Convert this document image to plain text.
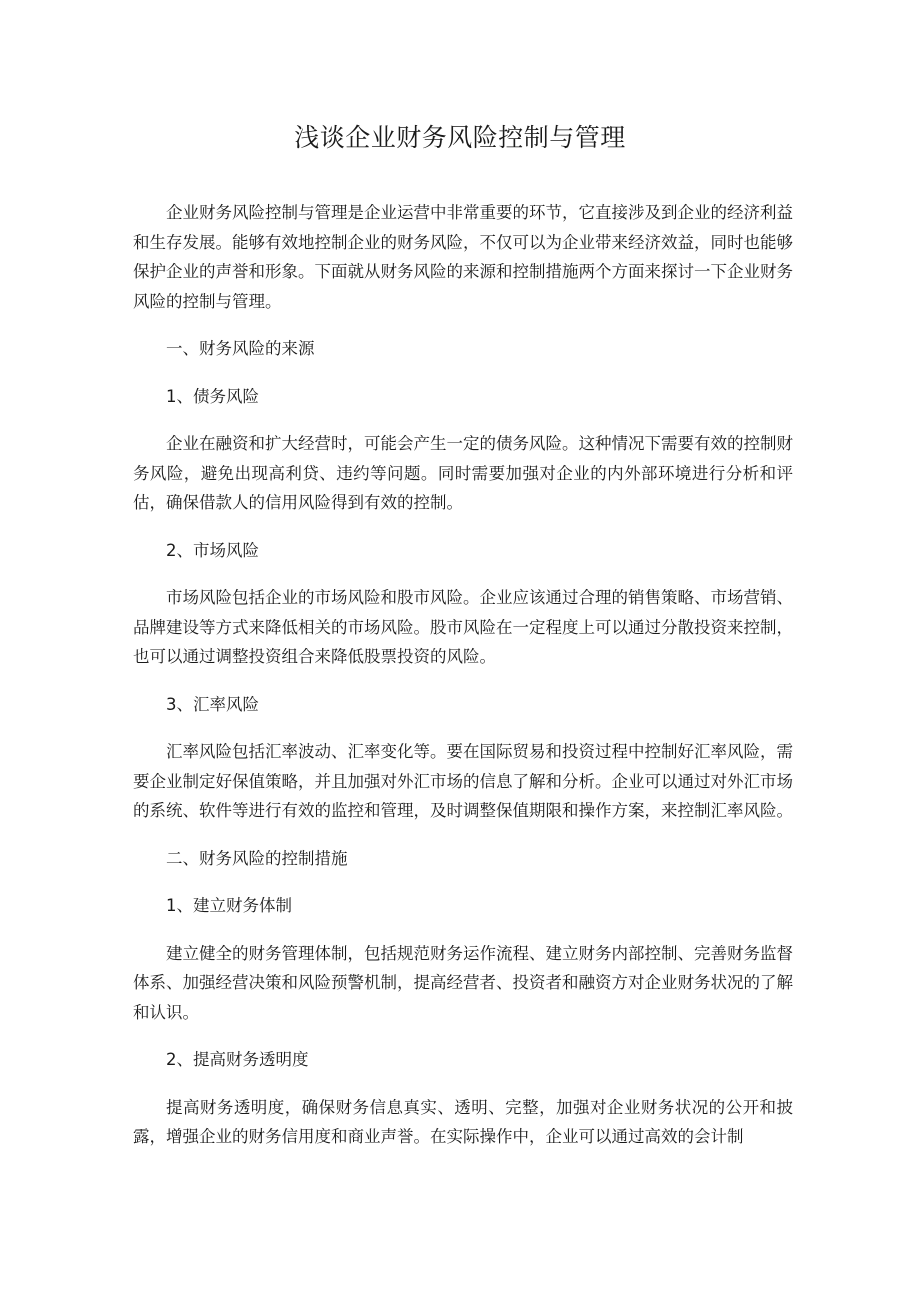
浅谈企业财务风险控制与管理

企业财务风险控制与管理是企业运营中非常重要的环节，它直接涉及到企业的经济利益和生存发展。能够有效地控制企业的财务风险，不仅可以为企业带来经济效益，同时也能够保护企业的声誉和形象。下面就从财务风险的来源和控制措施两个方面来探讨一下企业财务风险的控制与管理。

一、财务风险的来源

1、债务风险

企业在融资和扩大经营时，可能会产生一定的债务风险。这种情况下需要有效的控制财务风险，避免出现高利贷、违约等问题。同时需要加强对企业的内外部环境进行分析和评估，确保借款人的信用风险得到有效的控制。

2、市场风险

市场风险包括企业的市场风险和股市风险。企业应该通过合理的销售策略、市场营销、品牌建设等方式来降低相关的市场风险。股市风险在一定程度上可以通过分散投资来控制，也可以通过调整投资组合来降低股票投资的风险。

3、汇率风险

汇率风险包括汇率波动、汇率变化等。要在国际贸易和投资过程中控制好汇率风险，需要企业制定好保值策略，并且加强对外汇市场的信息了解和分析。企业可以通过对外汇市场的系统、软件等进行有效的监控和管理，及时调整保值期限和操作方案，来控制汇率风险。

二、财务风险的控制措施

1、建立财务体制

建立健全的财务管理体制，包括规范财务运作流程、建立财务内部控制、完善财务监督体系、加强经营决策和风险预警机制，提高经营者、投资者和融资方对企业财务状况的了解和认识。

2、提高财务透明度

提高财务透明度，确保财务信息真实、透明、完整，加强对企业财务状况的公开和披露，增强企业的财务信用度和商业声誉。在实际操作中，企业可以通过高效的会计制
